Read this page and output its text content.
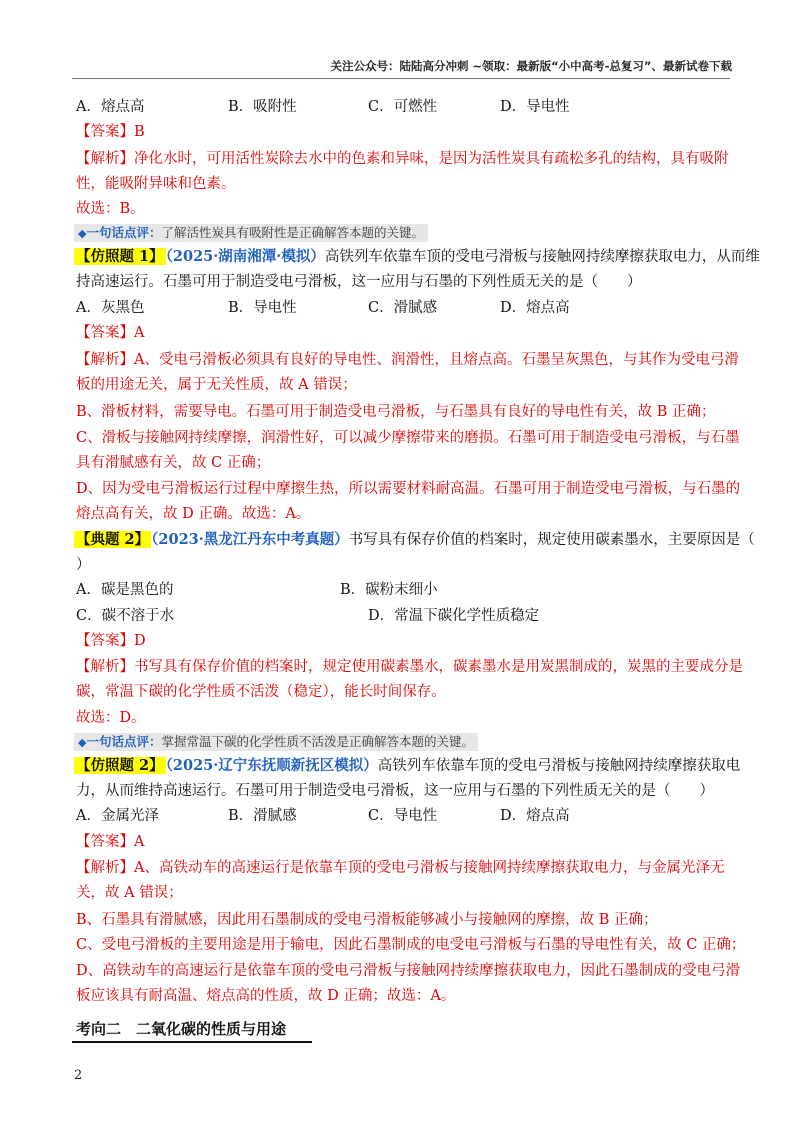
关注公众号：陆陆高分冲刺 ~领取：最新版“小中高考-总复习”、最新试卷下载
A．熔点高	B．吸附性	C．可燃性	D．导电性
【答案】B
【解析】净化水时，可用活性炭除去水中的色素和异味，是因为活性炭具有疏松多孔的结构，具有吸附
性，能吸附异味和色素。
故选：B。
◆一句话点评：了解活性炭具有吸附性是正确解答本题的关键。
【仿照题 1】 （2025·湖南湘潭·模拟）高铁列车依靠车顶的受电弓滑板与接触网持续摩擦获取电力，从而维
持高速运行。石墨可用于制造受电弓滑板，这一应用与石墨的下列性质无关的是（　　）
A．灰黑色	B．导电性	C．滑腻感	D．熔点高
【答案】A
【解析】A、受电弓滑板必须具有良好的导电性、润滑性，且熔点高。石墨呈灰黑色，与其作为受电弓滑
板的用途无关，属于无关性质，故 A 错误；
B、滑板材料，需要导电。石墨可用于制造受电弓滑板，与石墨具有良好的导电性有关，故 B 正确；
C、滑板与接触网持续摩擦，润滑性好，可以减少摩擦带来的磨损。石墨可用于制造受电弓滑板，与石墨
具有滑腻感有关，故 C 正确；
D、因为受电弓滑板运行过程中摩擦生热，所以需要材料耐高温。石墨可用于制造受电弓滑板，与石墨的
熔点高有关，故 D 正确。故选：A。
【典题 2】 （2023·黑龙江丹东中考真题）书写具有保存价值的档案时，规定使用碳素墨水，主要原因是（
）
A．碳是黑色的	B．碳粉末细小
C．碳不溶于水	D．常温下碳化学性质稳定
【答案】D
【解析】书写具有保存价值的档案时，规定使用碳素墨水，碳素墨水是用炭黑制成的，炭黑的主要成分是
碳，常温下碳的化学性质不活泼（稳定），能长时间保存。
故选：D。
◆一句话点评：掌握常温下碳的化学性质不活泼是正确解答本题的关键。
【仿照题 2】 （2025·辽宁东抚顺新抚区模拟）高铁列车依靠车顶的受电弓滑板与接触网持续摩擦获取电
力，从而维持高速运行。石墨可用于制造受电弓滑板，这一应用与石墨的下列性质无关的是（　　）
A．金属光泽	B．滑腻感	C．导电性	D．熔点高
【答案】A
【解析】A、高铁动车的高速运行是依靠车顶的受电弓滑板与接触网持续摩擦获取电力，与金属光泽无
关，故 A 错误；
B、石墨具有滑腻感，因此用石墨制成的受电弓滑板能够减小与接触网的摩擦，故 B 正确；
C、受电弓滑板的主要用途是用于输电，因此石墨制成的电受电弓滑板与石墨的导电性有关，故 C 正确；
D、高铁动车的高速运行是依靠车顶的受电弓滑板与接触网持续摩擦获取电力，因此石墨制成的受电弓滑
板应该具有耐高温、熔点高的性质，故 D 正确；故选：A。
考向二　二氧化碳的性质与用途
2
